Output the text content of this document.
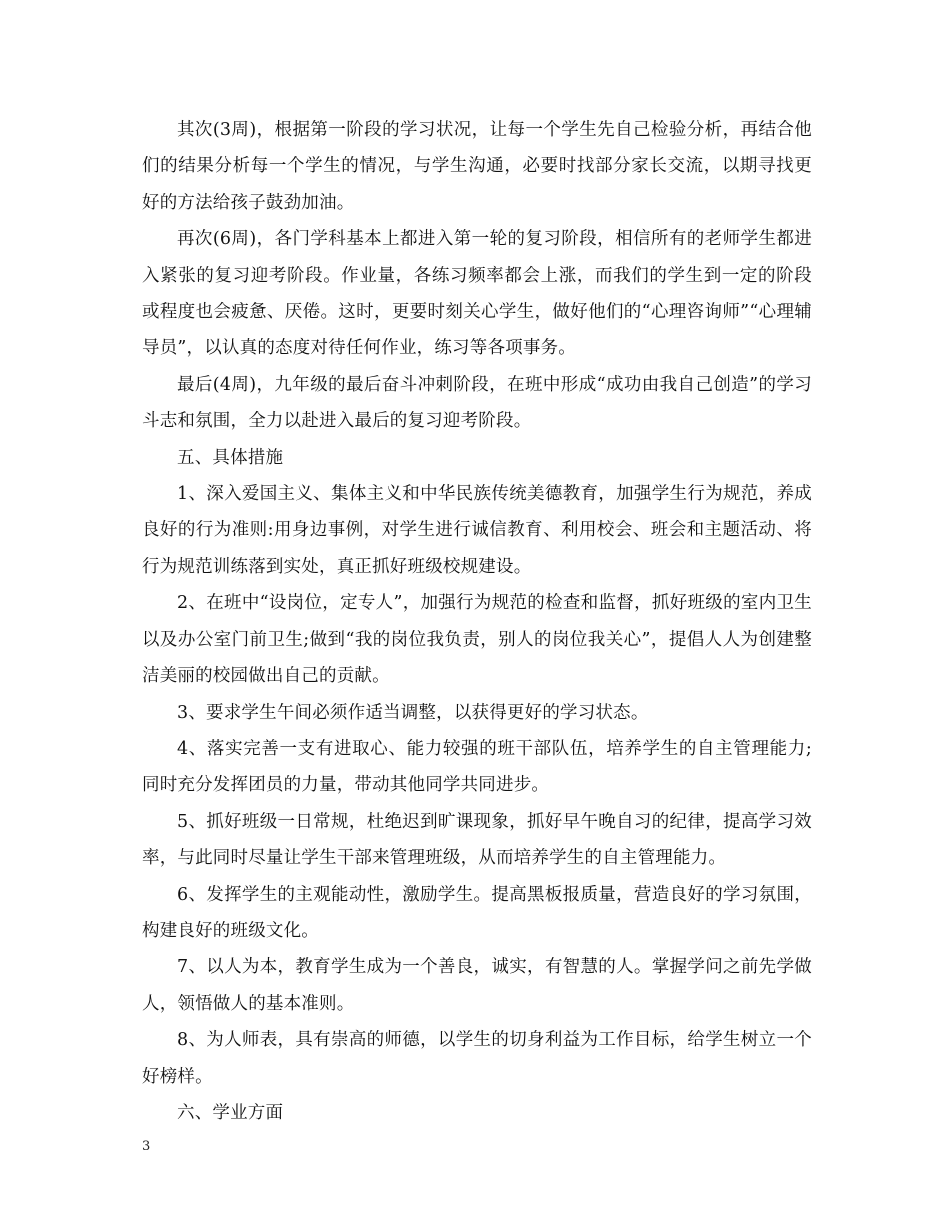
其次(3周)，根据第一阶段的学习状况，让每一个学生先自己检验分析，再结合他们的结果分析每一个学生的情况，与学生沟通，必要时找部分家长交流，以期寻找更好的方法给孩子鼓劲加油。

再次(6周)，各门学科基本上都进入第一轮的复习阶段，相信所有的老师学生都进入紧张的复习迎考阶段。作业量，各练习频率都会上涨，而我们的学生到一定的阶段或程度也会疲惫、厌倦。这时，更要时刻关心学生，做好他们的“心理咨询师”“心理辅导员”，以认真的态度对待任何作业，练习等各项事务。

最后(4周)，九年级的最后奋斗冲刺阶段，在班中形成“成功由我自己创造”的学习斗志和氛围，全力以赴进入最后的复习迎考阶段。

五、具体措施

1、深入爱国主义、集体主义和中华民族传统美德教育，加强学生行为规范，养成良好的行为准则:用身边事例，对学生进行诚信教育、利用校会、班会和主题活动、将行为规范训练落到实处，真正抓好班级校规建设。

2、在班中“设岗位，定专人”，加强行为规范的检查和监督，抓好班级的室内卫生以及办公室门前卫生;做到“我的岗位我负责，别人的岗位我关心”，提倡人人为创建整洁美丽的校园做出自己的贡献。

3、要求学生午间必须作适当调整，以获得更好的学习状态。

4、落实完善一支有进取心、能力较强的班干部队伍，培养学生的自主管理能力;同时充分发挥团员的力量，带动其他同学共同进步。

5、抓好班级一日常规，杜绝迟到旷课现象，抓好早午晚自习的纪律，提高学习效率，与此同时尽量让学生干部来管理班级，从而培养学生的自主管理能力。

6、发挥学生的主观能动性，激励学生。提高黑板报质量，营造良好的学习氛围，构建良好的班级文化。

7、以人为本，教育学生成为一个善良，诚实，有智慧的人。掌握学问之前先学做人，领悟做人的基本准则。

8、为人师表，具有崇高的师德，以学生的切身利益为工作目标，给学生树立一个好榜样。

六、学业方面

3
